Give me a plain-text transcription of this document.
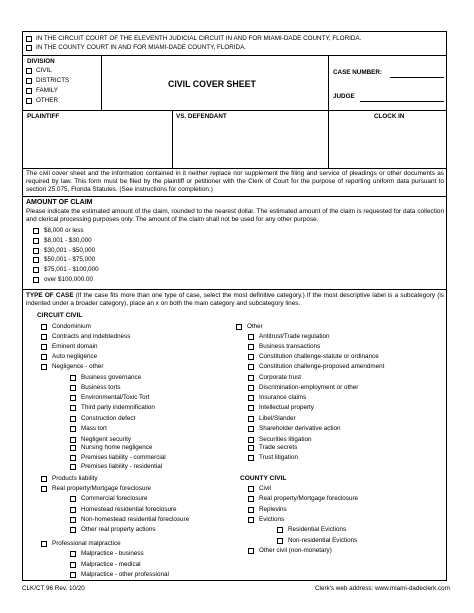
IN THE CIRCUIT COURT OF THE ELEVENTH JUDICIAL CIRCUIT IN AND FOR MIAMI-DADE COUNTY, FLORIDA.
IN THE COUNTY COURT IN AND FOR MIAMI-DADE COUNTY, FLORIDA.
DIVISION
CIVIL
DISTRICTS
FAMILY
OTHER
CIVIL COVER SHEET
CASE NUMBER:
JUDGE
PLAINTIFF	VS. DEFENDANT	CLOCK IN
The civil cover sheet and the information contained in it neither replace nor supplement the filing and service of pleadings or other documents as required by law. This form must be filed by the plaintiff or petitioner with the Clerk of Court for the purpose of reporting uniform data pursuant to section 25.075, Florida Statutes. (See instructions for completion.)
AMOUNT OF CLAIM
Please indicate the estimated amount of the claim, rounded to the nearest dollar. The estimated amount of the claim is requested for data collection and clerical processing purposes only. The amount of the claim shall not be used for any other purpose.
$8,000 or less
$8,001 - $30,000
$30,001 - $50,000
$50,001 - $75,000
$75,001 - $100,000
over $100,000.00
TYPE OF CASE (If the case fits more than one type of case, select the most definitive category.) If the most descriptive label is a subcategory (is indented under a broader category), place an x on both the main category and subcategory lines.
CIRCUIT CIVIL
COUNTY CIVIL
Condominium
Contracts and indebtedness
Eminent domain
Auto negligence
Negligence - other
Business governance
Business torts
Environmental/Toxic Tort
Third party indemnification
Construction defect
Mass tort
Negligent security
Nursing home negligence
Premises liability - commercial
Premises liability - residential
Products liability
Real property/Mortgage foreclosure
Commercial foreclosure
Homestead residential foreclosure
Non-homestead residential foreclosure
Other real property actions
Professional malpractice
Malpractice - business
Malpractice - medical
Malpractice - other professional
Other
Antitrust/Trade regulation
Business transactions
Constitution challenge-statute or ordinance
Constitution challenge-proposed amendment
Corporate trust
Discrimination-employment or other
Insurance claims
Intellectual property
Libel/Slander
Shareholder derivative action
Securities litigation
Trade secrets
Trust litigation
Civil
Real property/Mortgage foreclosure
Replevins
Evictions
Residential Evictions
Non-residential Evictions
Other civil (non-monetary)
CLK/CT 96 Rev. 10/20	Clerk's web address: www.miami-dadeclerk.com
